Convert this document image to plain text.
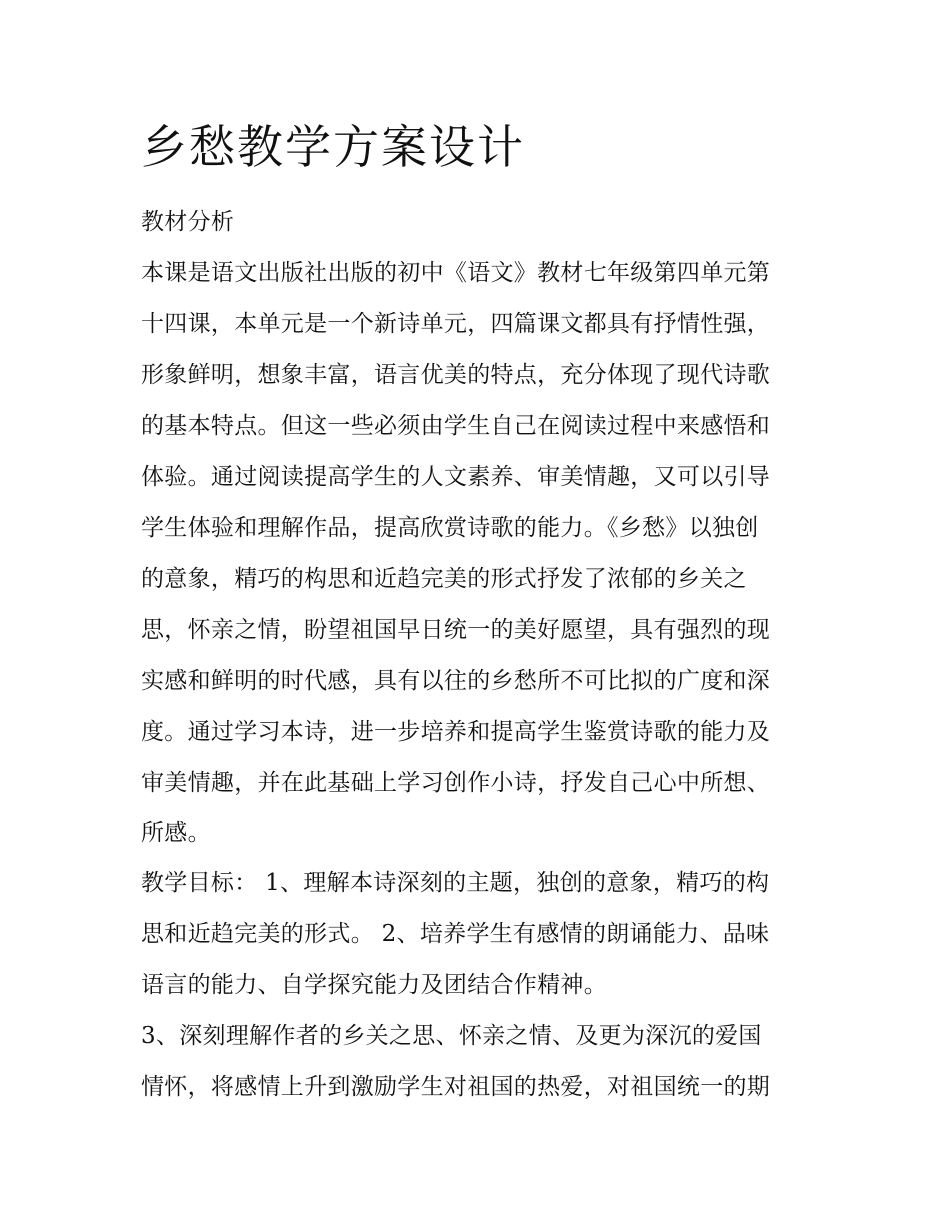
乡愁教学方案设计
教材分析
本课是语文出版社出版的初中《语文》教材七年级第四单元第
十四课，本单元是一个新诗单元，四篇课文都具有抒情性强，
形象鲜明，想象丰富，语言优美的特点，充分体现了现代诗歌
的基本特点。但这一些必须由学生自己在阅读过程中来感悟和
体验。通过阅读提高学生的人文素养、审美情趣，又可以引导
学生体验和理解作品，提高欣赏诗歌的能力。《乡愁》以独创
的意象，精巧的构思和近趋完美的形式抒发了浓郁的乡关之
思，怀亲之情，盼望祖国早日统一的美好愿望，具有强烈的现
实感和鲜明的时代感，具有以往的乡愁所不可比拟的广度和深
度。通过学习本诗，进一步培养和提高学生鉴赏诗歌的能力及
审美情趣，并在此基础上学习创作小诗，抒发自己心中所想、
所感。
教学目标： 1、理解本诗深刻的主题，独创的意象，精巧的构
思和近趋完美的形式。 2、培养学生有感情的朗诵能力、品味
语言的能力、自学探究能力及团结合作精神。
3、深刻理解作者的乡关之思、怀亲之情、及更为深沉的爱国
情怀，将感情上升到激励学生对祖国的热爱，对祖国统一的期
